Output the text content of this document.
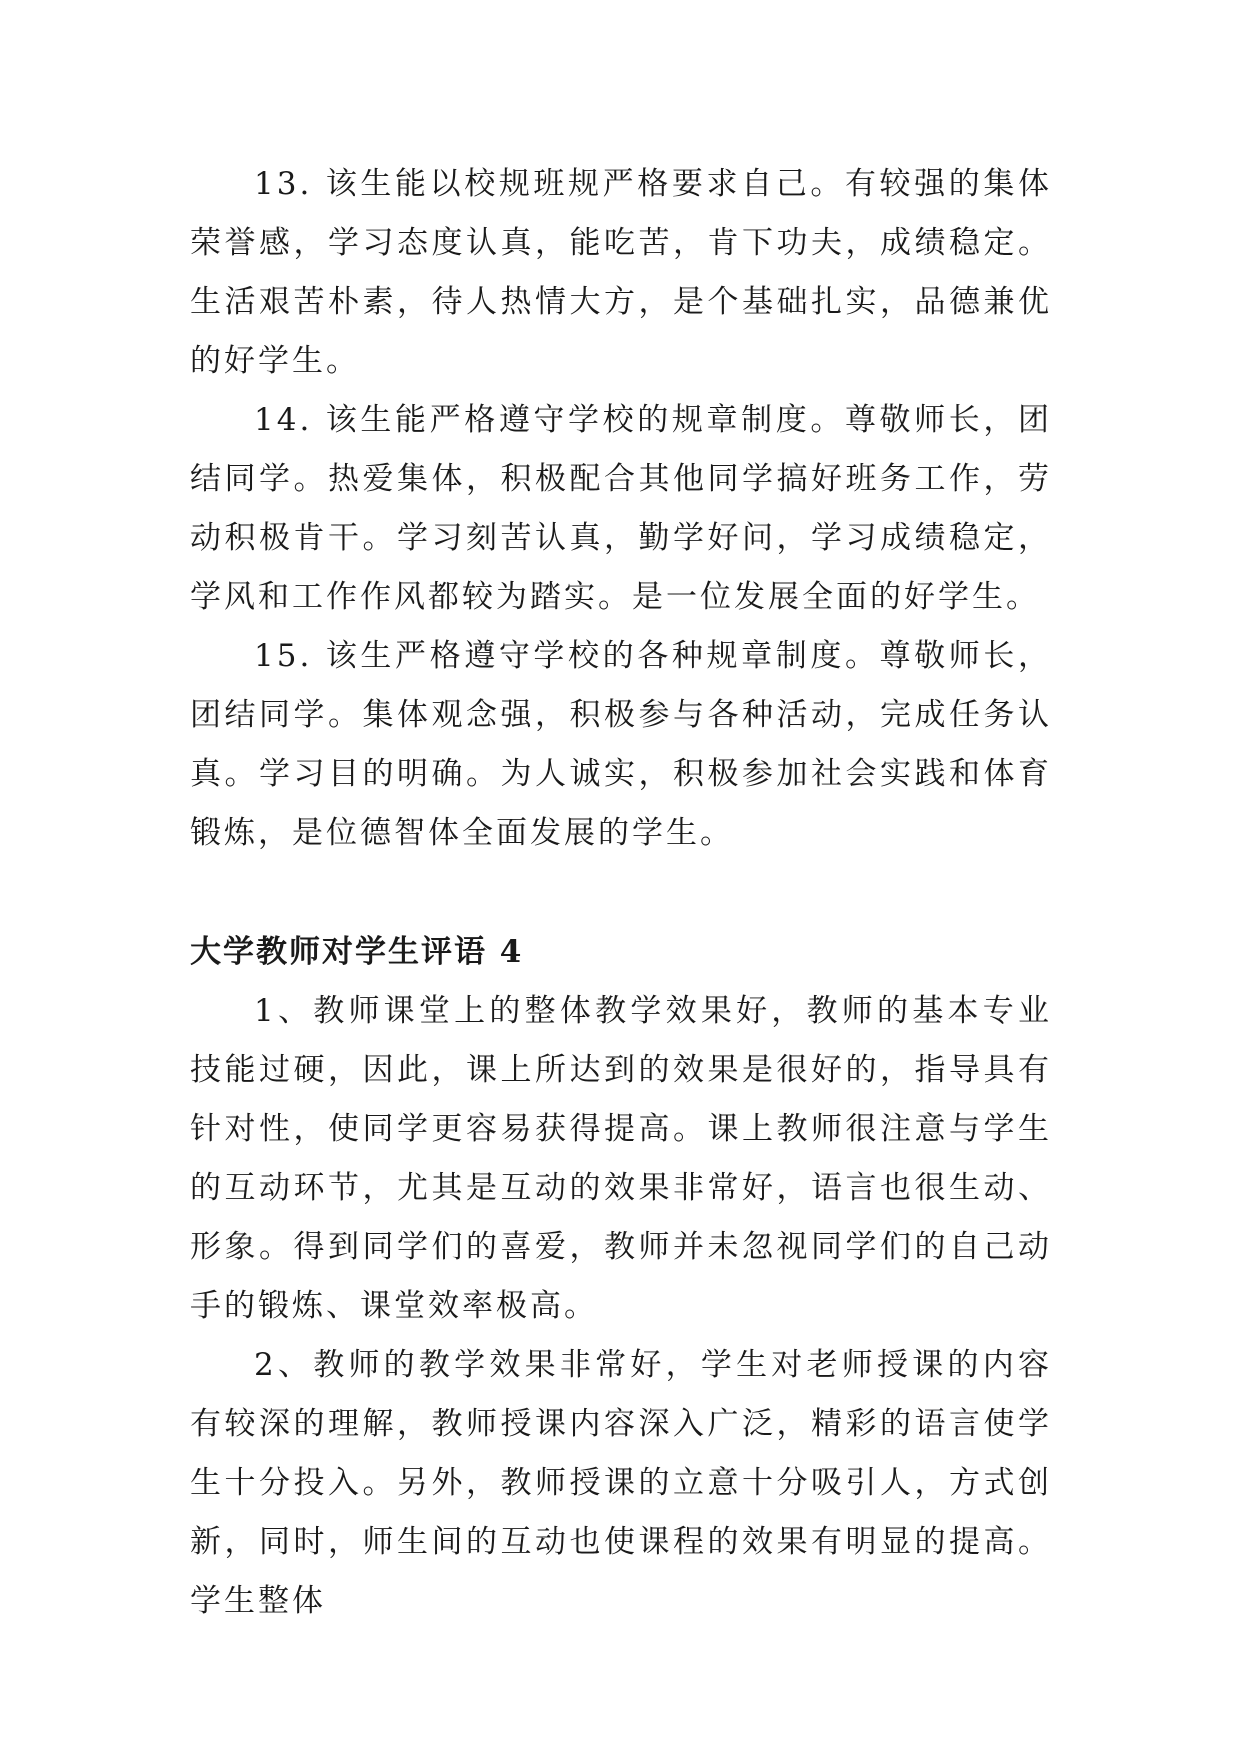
13. 该生能以校规班规严格要求自己。有较强的集体荣誉感，学习态度认真，能吃苦，肯下功夫，成绩稳定。生活艰苦朴素，待人热情大方，是个基础扎实，品德兼优的好学生。

14. 该生能严格遵守学校的规章制度。尊敬师长，团结同学。热爱集体，积极配合其他同学搞好班务工作，劳动积极肯干。学习刻苦认真，勤学好问，学习成绩稳定，学风和工作作风都较为踏实。是一位发展全面的好学生。

15. 该生严格遵守学校的各种规章制度。尊敬师长，团结同学。集体观念强，积极参与各种活动，完成任务认真。学习目的明确。为人诚实，积极参加社会实践和体育锻炼，是位德智体全面发展的学生。

大学教师对学生评语 4

1、教师课堂上的整体教学效果好，教师的基本专业技能过硬，因此，课上所达到的效果是很好的，指导具有针对性，使同学更容易获得提高。课上教师很注意与学生的互动环节，尤其是互动的效果非常好，语言也很生动、形象。得到同学们的喜爱，教师并未忽视同学们的自己动手的锻炼、课堂效率极高。

2、教师的教学效果非常好，学生对老师授课的内容有较深的理解，教师授课内容深入广泛，精彩的语言使学生十分投入。另外，教师授课的立意十分吸引人，方式创新，同时，师生间的互动也使课程的效果有明显的提高。学生整体
